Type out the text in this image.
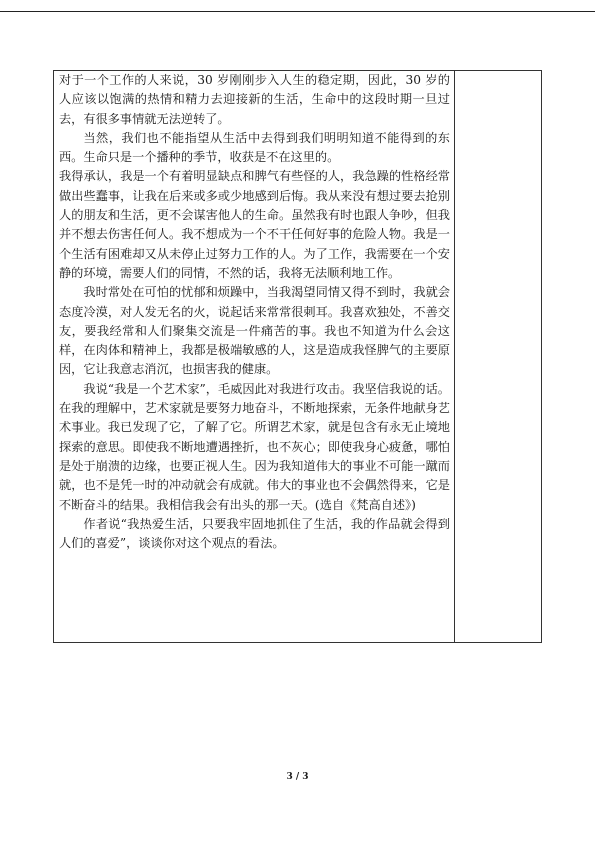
对于一个工作的人来说，30 岁刚刚步入人生的稳定期，因此，30 岁的人应该以饱满的热情和精力去迎接新的生活，生命中的这段时期一旦过去，有很多事情就无法逆转了。

当然，我们也不能指望从生活中去得到我们明明知道不能得到的东西。生命只是一个播种的季节，收获是不在这里的。

我得承认，我是一个有着明显缺点和脾气有些怪的人，我急躁的性格经常做出些蠢事，让我在后来或多或少地感到后悔。我从来没有想过要去抢别人的朋友和生活，更不会谋害他人的生命。虽然我有时也跟人争吵，但我并不想去伤害任何人。我不想成为一个不干任何好事的危险人物。我是一个生活有困难却又从未停止过努力工作的人。为了工作，我需要在一个安静的环境，需要人们的同情，不然的话，我将无法顺利地工作。

我时常处在可怕的忧郁和烦躁中，当我渴望同情又得不到时，我就会态度冷漠，对人发无名的火，说起话来常常很刺耳。我喜欢独处，不善交友，要我经常和人们聚集交流是一件痛苦的事。我也不知道为什么会这样，在肉体和精神上，我都是极端敏感的人，这是造成我怪脾气的主要原因，它让我意志消沉，也损害我的健康。

我说“我是一个艺术家”，毛威因此对我进行攻击。我坚信我说的话。在我的理解中，艺术家就是要努力地奋斗，不断地探索，无条件地献身艺术事业。我已发现了它，了解了它。所谓艺术家，就是包含有永无止境地探索的意思。即使我不断地遭遇挫折，也不灰心；即使我身心疲惫，哪怕是处于崩溃的边缘，也要正视人生。因为我知道伟大的事业不可能一蹴而就，也不是凭一时的冲动就会有成就。伟大的事业也不会偶然得来，它是不断奋斗的结果。我相信我会有出头的那一天。(选自《梵高自述》)

作者说“我热爱生活，只要我牢固地抓住了生活，我的作品就会得到人们的喜爱”，谈谈你对这个观点的看法。

3 / 3
